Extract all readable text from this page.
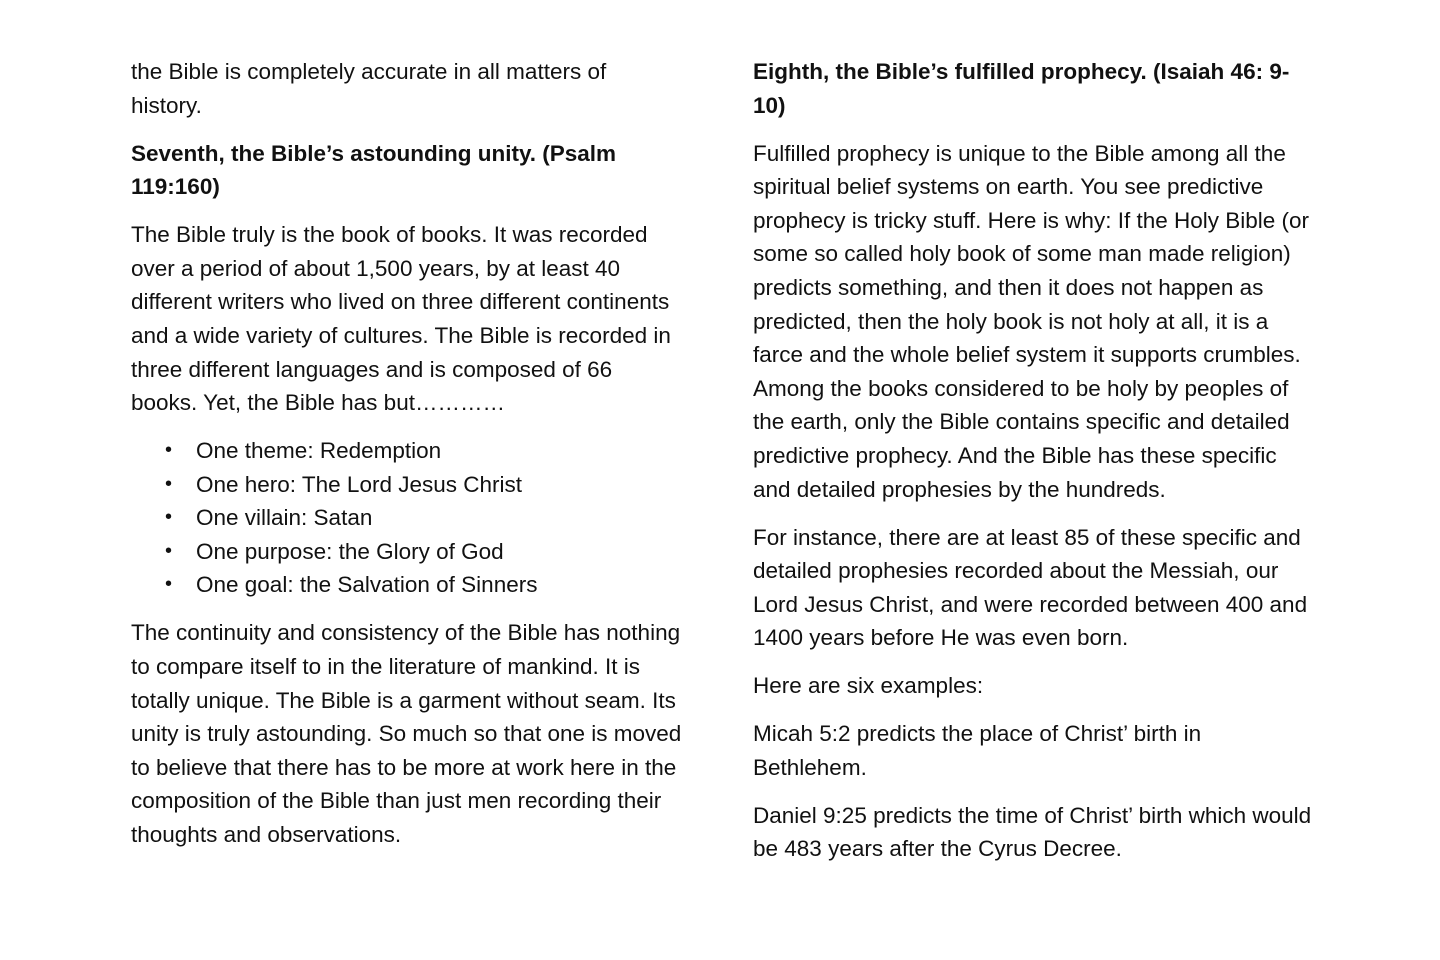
the Bible is completely accurate in all matters of history.

Seventh, the Bible’s astounding unity. (Psalm 119:160)

The Bible truly is the book of books. It was recorded over a period of about 1,500 years, by at least 40 different writers who lived on three different continents and a wide variety of cultures. The Bible is recorded in three different languages and is composed of 66 books. Yet, the Bible has but…………

• One theme: Redemption
• One hero: The Lord Jesus Christ
• One villain: Satan
• One purpose: the Glory of God
• One goal: the Salvation of Sinners

The continuity and consistency of the Bible has nothing to compare itself to in the literature of mankind. It is totally unique. The Bible is a garment without seam. Its unity is truly astounding. So much so that one is moved to believe that there has to be more at work here in the composition of the Bible than just men recording their thoughts and observations.

Eighth, the Bible’s fulfilled prophecy. (Isaiah 46: 9-10)

Fulfilled prophecy is unique to the Bible among all the spiritual belief systems on earth. You see predictive prophecy is tricky stuff. Here is why: If the Holy Bible (or some so called holy book of some man made religion) predicts something, and then it does not happen as predicted, then the holy book is not holy at all, it is a farce and the whole belief system it supports crumbles. Among the books considered to be holy by peoples of the earth, only the Bible contains specific and detailed predictive prophecy. And the Bible has these specific and detailed prophesies by the hundreds.

For instance, there are at least 85 of these specific and detailed prophesies recorded about the Messiah, our Lord Jesus Christ, and were recorded between 400 and 1400 years before He was even born.

Here are six examples:

Micah 5:2 predicts the place of Christ’ birth in Bethlehem.

Daniel 9:25 predicts the time of Christ’ birth which would be 483 years after the Cyrus Decree.
